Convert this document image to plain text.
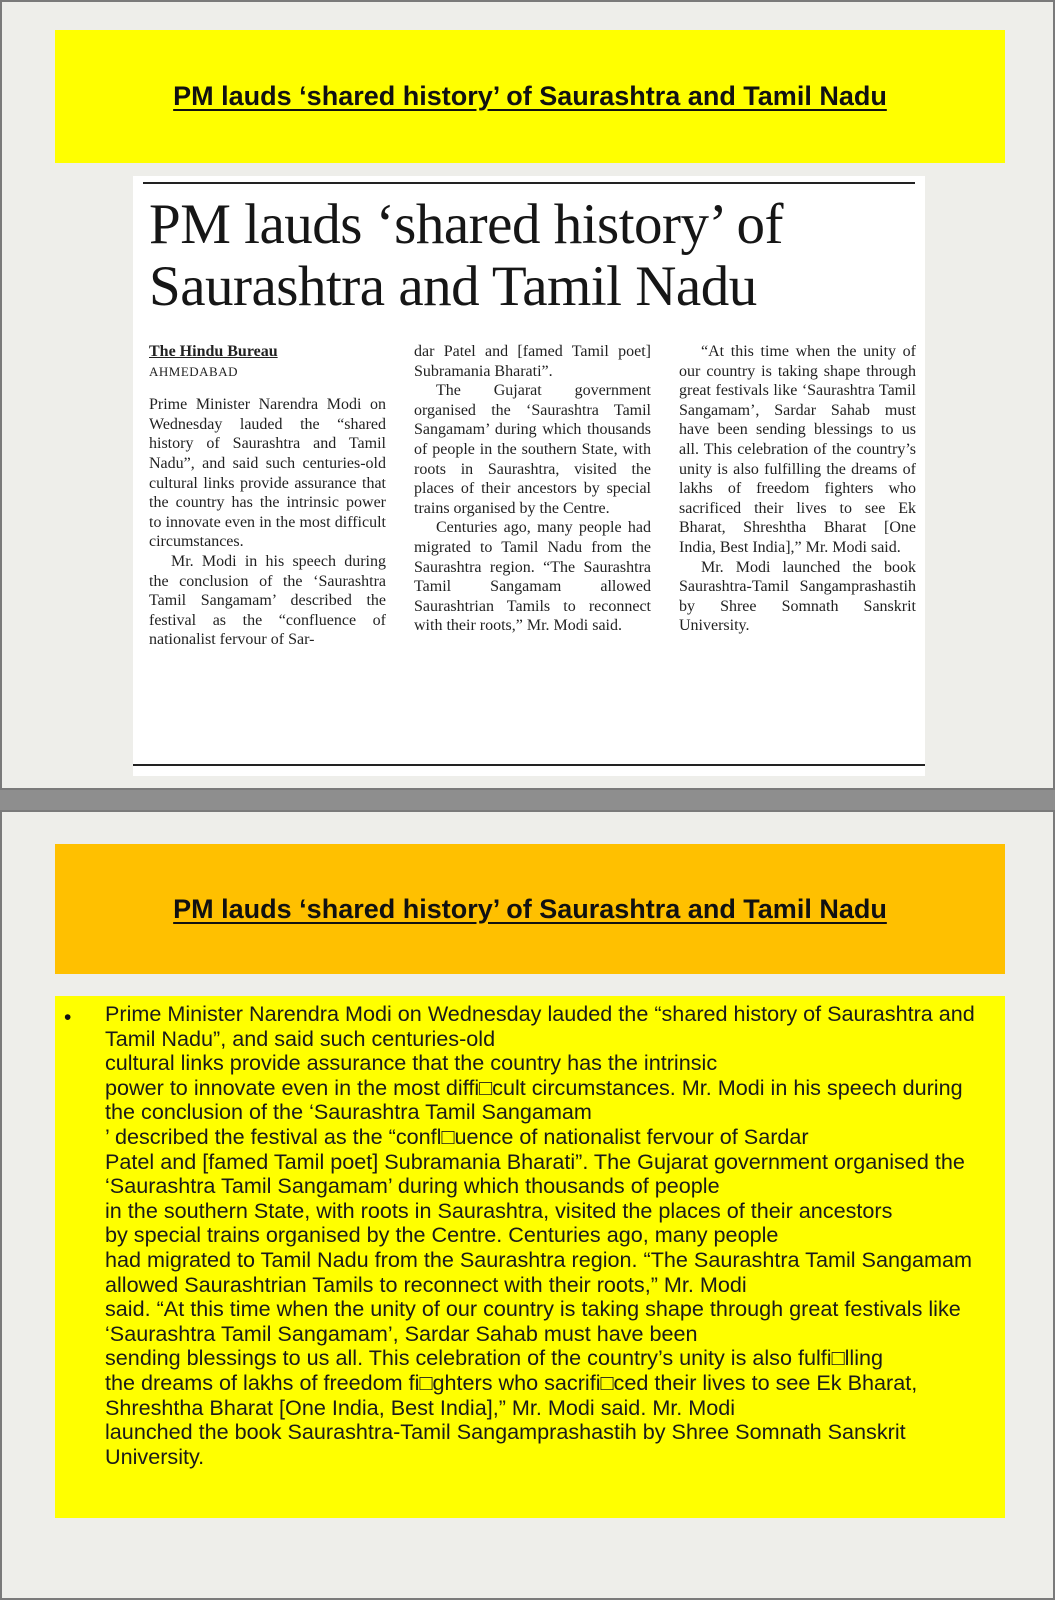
PM lauds ‘shared history’ of Saurashtra and Tamil Nadu
PM lauds ‘shared history’ of Saurashtra and Tamil Nadu
The Hindu Bureau
AHMEDABAD

Prime Minister Narendra Modi on Wednesday lauded the “shared history of Saurashtra and Tamil Nadu”, and said such centuries-old cultural links provide assurance that the country has the intrinsic power to innovate even in the most difficult circumstances.

Mr. Modi in his speech during the conclusion of the ‘Saurashtra Tamil Sangamam’ described the festival as the “confluence of nationalist fervour of Sar-

dar Patel and [famed Tamil poet] Subramania Bharati”.

The Gujarat government organised the ‘Saurashtra Tamil Sangamam’ during which thousands of people in the southern State, with roots in Saurashtra, visited the places of their ancestors by special trains organised by the Centre.

Centuries ago, many people had migrated to Tamil Nadu from the Saurashtra region. “The Saurashtra Tamil Sangamam allowed Saurashtrian Tamils to reconnect with their roots,” Mr. Modi said.

“At this time when the unity of our country is taking shape through great festivals like ‘Saurashtra Tamil Sangamam’, Sardar Sahab must have been sending blessings to us all. This celebration of the country’s unity is also fulfilling the dreams of lakhs of freedom fighters who sacrificed their lives to see Ek Bharat, Shreshtha Bharat [One India, Best India],” Mr. Modi said.

Mr. Modi launched the book Saurashtra-Tamil Sangamprashastih by Shree Somnath Sanskrit University.

PM lauds ‘shared history’ of Saurashtra and Tamil Nadu
• Prime Minister Narendra Modi on Wednesday lauded the “shared history of Saurashtra and Tamil Nadu”, and said such centuries-old
cultural links provide assurance that the country has the intrinsic
power to innovate even in the most diffi□cult circumstances. Mr. Modi in his speech during the conclusion of the ‘Saurashtra Tamil Sangamam
’ described the festival as the “confl□uence of nationalist fervour of Sardar
Patel and [famed Tamil poet] Subramania Bharati”. The Gujarat government organised the ‘Saurashtra Tamil Sangamam’ during which thousands of people
in the southern State, with roots in Saurashtra, visited the places of their ancestors
by special trains organised by the Centre. Centuries ago, many people
had migrated to Tamil Nadu from the Saurashtra region. “The Saurashtra Tamil Sangamam allowed Saurashtrian Tamils to reconnect with their roots,” Mr. Modi
said. “At this time when the unity of our country is taking shape through great festivals like ‘Saurashtra Tamil Sangamam’, Sardar Sahab must have been
sending blessings to us all. This celebration of the country’s unity is also fulfi□lling
the dreams of lakhs of freedom fi□ghters who sacrifi□ced their lives to see Ek Bharat, Shreshtha Bharat [One India, Best India],” Mr. Modi said. Mr. Modi
launched the book Saurashtra-Tamil Sangamprashastih by Shree Somnath Sanskrit University.
